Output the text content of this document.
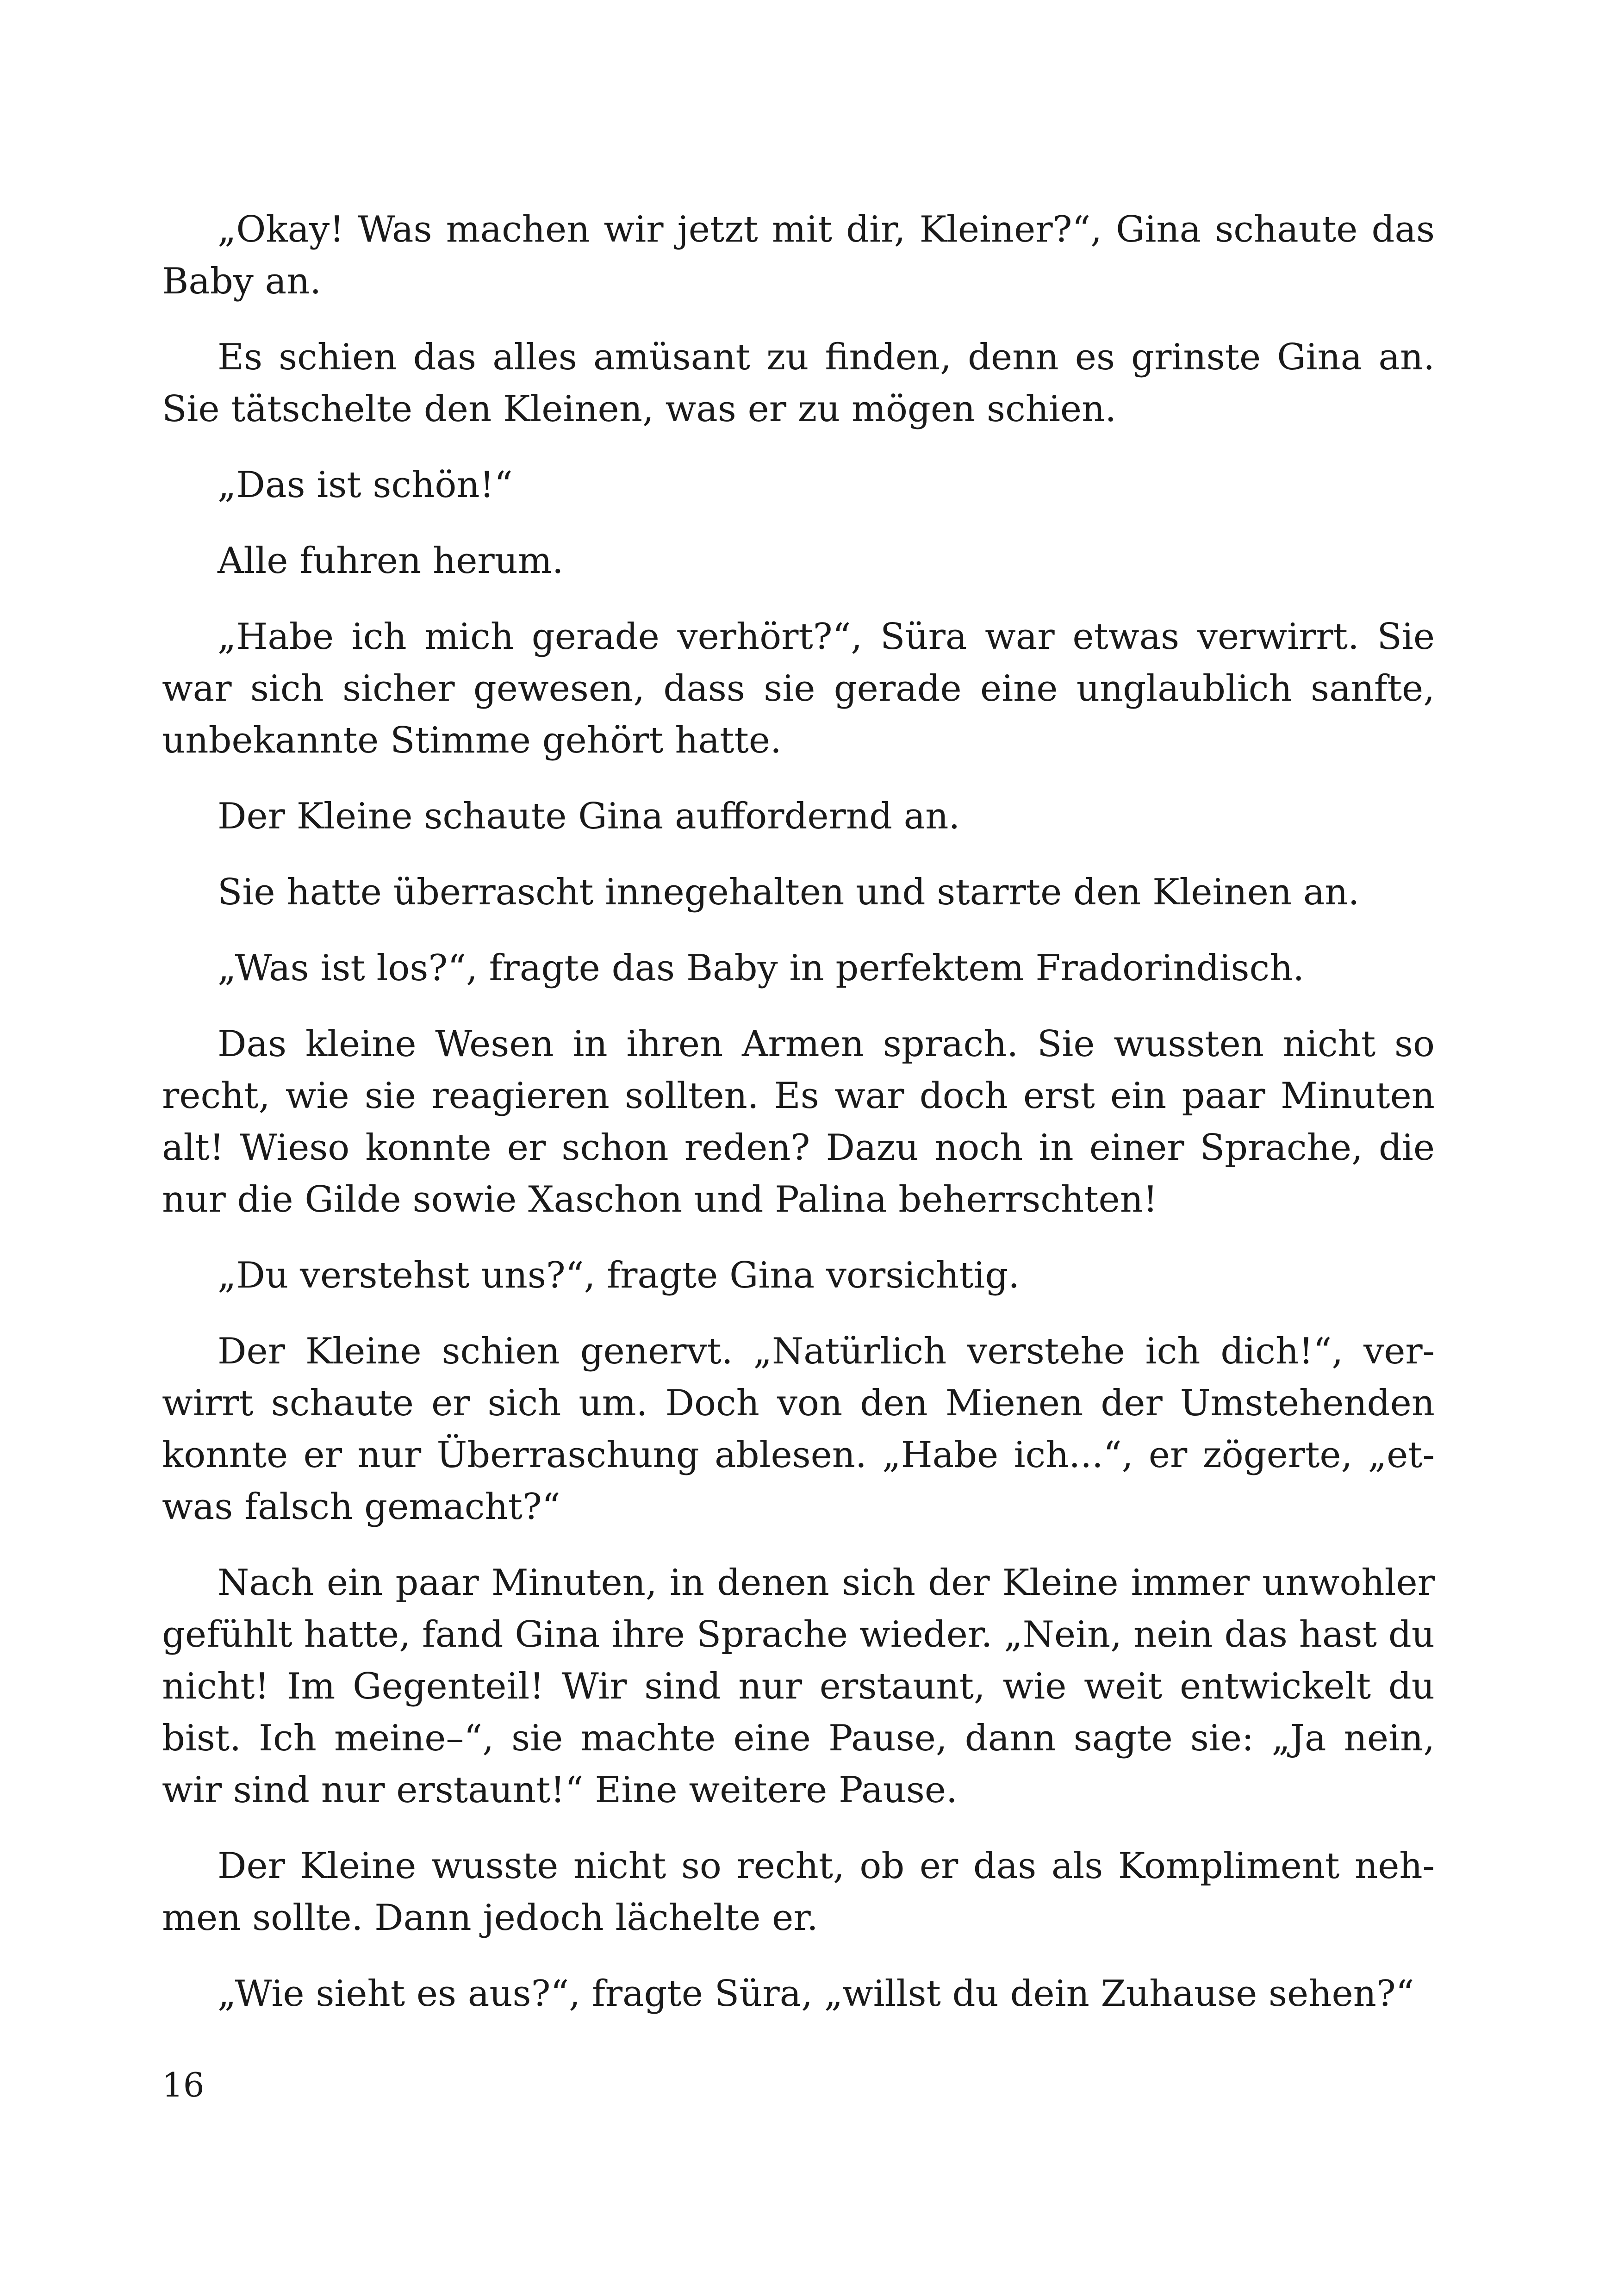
„Okay! Was machen wir jetzt mit dir, Kleiner?“, Gina schaute das Baby an.

Es schien das alles amüsant zu finden, denn es grinste Gina an. Sie tätschelte den Kleinen, was er zu mögen schien.

„Das ist schön!“

Alle fuhren herum.

„Habe ich mich gerade verhört?“, Süra war etwas verwirrt. Sie war sich sicher gewesen, dass sie gerade eine unglaublich sanfte, unbekannte Stimme gehört hatte.

Der Kleine schaute Gina auffordernd an.

Sie hatte überrascht innegehalten und starrte den Kleinen an.

„Was ist los?“, fragte das Baby in perfektem Fradorindisch.

Das kleine Wesen in ihren Armen sprach. Sie wussten nicht so recht, wie sie reagieren sollten. Es war doch erst ein paar Minuten alt! Wieso konnte er schon reden? Dazu noch in einer Sprache, die nur die Gilde sowie Xaschon und Palina beherrschten!

„Du verstehst uns?“, fragte Gina vorsichtig.

Der Kleine schien genervt. „Natürlich verstehe ich dich!“, verwirrt schaute er sich um. Doch von den Mienen der Umstehenden konnte er nur Überraschung ablesen. „Habe ich...“, er zögerte, „etwas falsch gemacht?“

Nach ein paar Minuten, in denen sich der Kleine immer unwohler gefühlt hatte, fand Gina ihre Sprache wieder. „Nein, nein das hast du nicht! Im Gegenteil! Wir sind nur erstaunt, wie weit entwickelt du bist. Ich meine–“, sie machte eine Pause, dann sagte sie: „Ja nein, wir sind nur erstaunt!“ Eine weitere Pause.

Der Kleine wusste nicht so recht, ob er das als Kompliment nehmen sollte. Dann jedoch lächelte er.

„Wie sieht es aus?“, fragte Süra, „willst du dein Zuhause sehen?“

16
